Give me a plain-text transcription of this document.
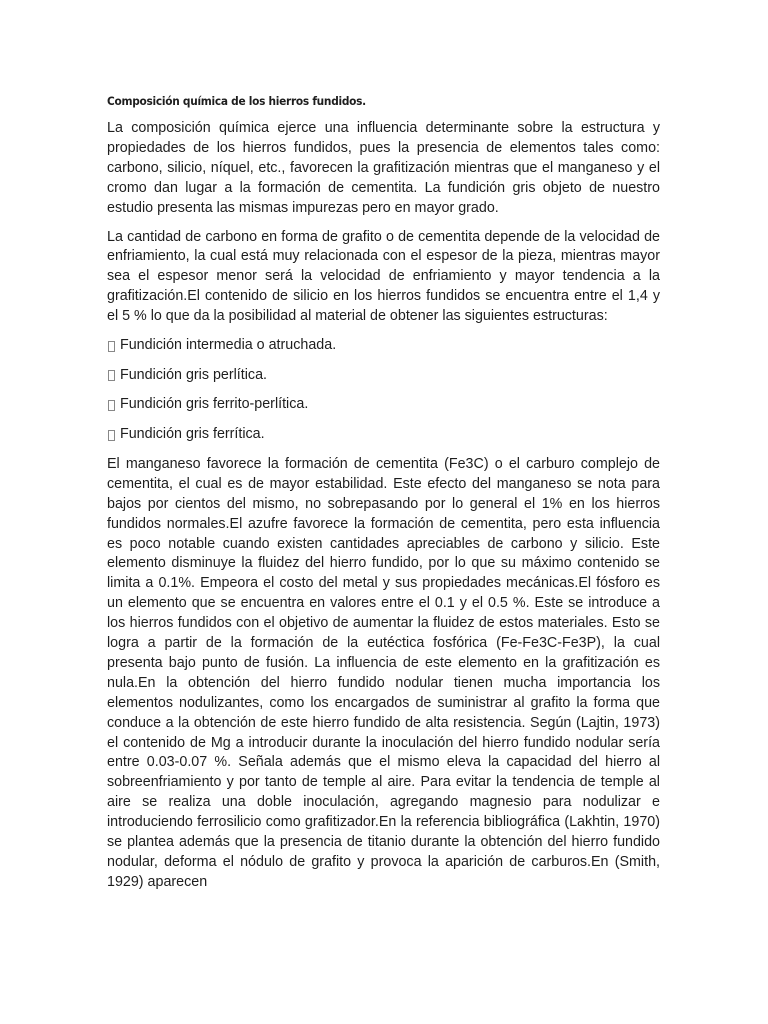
Composición química de los hierros fundidos.

La composición química ejerce una influencia determinante sobre la estructura y propiedades de los hierros fundidos, pues la presencia de elementos tales como: carbono, silicio, níquel, etc., favorecen la grafitización mientras que el manganeso y el cromo dan lugar a la formación de cementita. La fundición gris objeto de nuestro estudio presenta las mismas impurezas pero en mayor grado.

La cantidad de carbono en forma de grafito o de cementita depende de la velocidad de enfriamiento, la cual está muy relacionada con el espesor de la pieza, mientras mayor sea el espesor menor será la velocidad de enfriamiento y mayor tendencia a la grafitización.El contenido de silicio en los hierros fundidos se encuentra entre el 1,4 y el 5 % lo que da la posibilidad al material de obtener las siguientes estructuras:

Fundición intermedia o atruchada.
Fundición gris perlítica.
Fundición gris ferrito-perlítica.
Fundición gris ferrítica.

El manganeso favorece la formación de cementita (Fe3C) o el carburo complejo de cementita, el cual es de mayor estabilidad. Este efecto del manganeso se nota para bajos por cientos del mismo, no sobrepasando por lo general el 1% en los hierros fundidos normales.El azufre favorece la formación de cementita, pero esta influencia es poco notable cuando existen cantidades apreciables de carbono y silicio. Este elemento disminuye la fluidez del hierro fundido, por lo que su máximo contenido se limita a 0.1%. Empeora el costo del metal y sus propiedades mecánicas.El fósforo es un elemento que se encuentra en valores entre el 0.1 y el 0.5 %. Este se introduce a los hierros fundidos con el objetivo de aumentar la fluidez de estos materiales. Esto se logra a partir de la formación de la eutéctica fosfórica (Fe-Fe3C-Fe3P), la cual presenta bajo punto de fusión. La influencia de este elemento en la grafitización es nula.En la obtención del hierro fundido nodular tienen mucha importancia los elementos nodulizantes, como los encargados de suministrar al grafito la forma que conduce a la obtención de este hierro fundido de alta resistencia. Según (Lajtin, 1973) el contenido de Mg a introducir durante la inoculación del hierro fundido nodular sería entre 0.03-0.07 %. Señala además que el mismo eleva la capacidad del hierro al sobreenfriamiento y por tanto de temple al aire. Para evitar la tendencia de temple al aire se realiza una doble inoculación, agregando magnesio para nodulizar e introduciendo ferrosilicio como grafitizador.En la referencia bibliográfica (Lakhtin, 1970) se plantea además que la presencia de titanio durante la obtención del hierro fundido nodular, deforma el nódulo de grafito y provoca la aparición de carburos.En (Smith, 1929) aparecen
